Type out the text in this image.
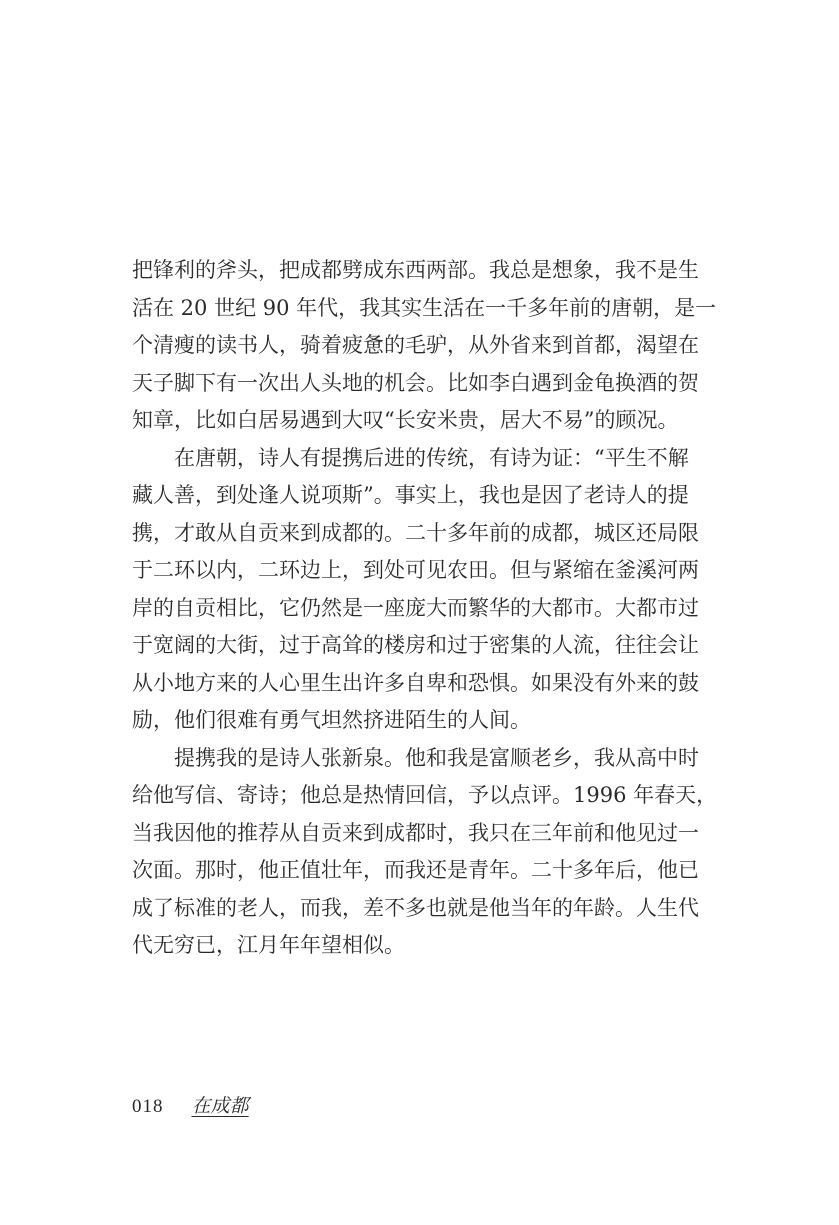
把锋利的斧头，把成都劈成东西两部。我总是想象，我不是生
活在 20 世纪 90 年代，我其实生活在一千多年前的唐朝，是一
个清瘦的读书人，骑着疲惫的毛驴，从外省来到首都，渴望在
天子脚下有一次出人头地的机会。比如李白遇到金龟换酒的贺
知章，比如白居易遇到大叹“长安米贵，居大不易”的顾况。
在唐朝，诗人有提携后进的传统，有诗为证：“平生不解
藏人善，到处逢人说项斯”。事实上，我也是因了老诗人的提
携，才敢从自贡来到成都的。二十多年前的成都，城区还局限
于二环以内，二环边上，到处可见农田。但与紧缩在釜溪河两
岸的自贡相比，它仍然是一座庞大而繁华的大都市。大都市过
于宽阔的大街，过于高耸的楼房和过于密集的人流，往往会让
从小地方来的人心里生出许多自卑和恐惧。如果没有外来的鼓
励，他们很难有勇气坦然挤进陌生的人间。
提携我的是诗人张新泉。他和我是富顺老乡，我从高中时
给他写信、寄诗；他总是热情回信，予以点评。1996 年春天，
当我因他的推荐从自贡来到成都时，我只在三年前和他见过一
次面。那时，他正值壮年，而我还是青年。二十多年后，他已
成了标准的老人，而我，差不多也就是他当年的年龄。人生代
代无穷已，江月年年望相似。
018 在成都
